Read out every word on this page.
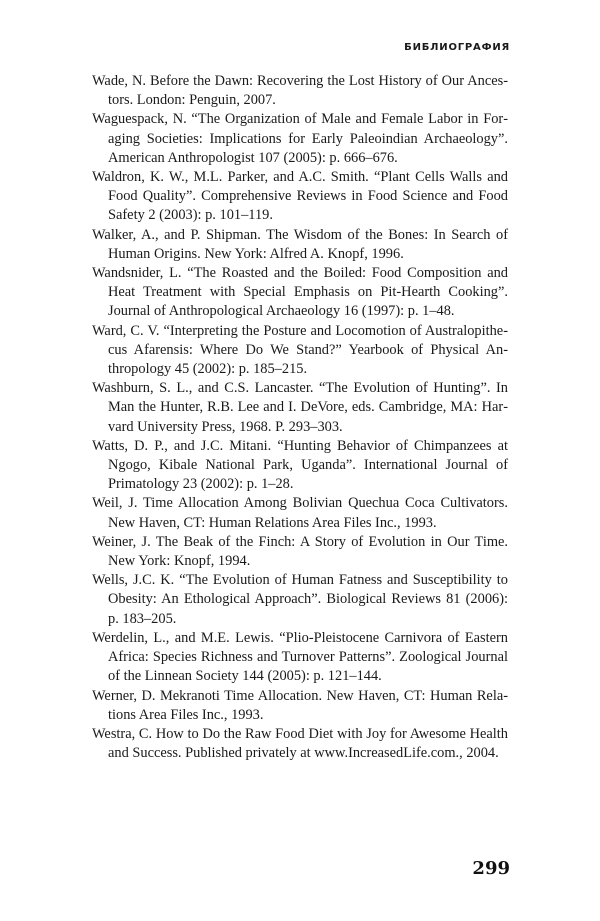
БИБЛИОГРАФИЯ
Wade, N. Before the Dawn: Recovering the Lost History of Our Ancestors. London: Penguin, 2007.
Waguespack, N. “The Organization of Male and Female Labor in Foraging Societies: Implications for Early Paleoindian Archaeology”. American Anthropologist 107 (2005): p. 666–676.
Waldron, K. W., M.L. Parker, and A.C. Smith. “Plant Cells Walls and Food Quality”. Comprehensive Reviews in Food Science and Food Safety 2 (2003): p. 101–119.
Walker, A., and P. Shipman. The Wisdom of the Bones: In Search of Human Origins. New York: Alfred A. Knopf, 1996.
Wandsnider, L. “The Roasted and the Boiled: Food Composition and Heat Treatment with Special Emphasis on Pit-Hearth Cooking”. Journal of Anthropological Archaeology 16 (1997): p. 1–48.
Ward, C. V. “Interpreting the Posture and Locomotion of Australopithecus Afarensis: Where Do We Stand?” Yearbook of Physical Anthropology 45 (2002): p. 185–215.
Washburn, S. L., and C.S. Lancaster. “The Evolution of Hunting”. In Man the Hunter, R.B. Lee and I. DeVore, eds. Cambridge, MA: Harvard University Press, 1968. P. 293–303.
Watts, D. P., and J.C. Mitani. “Hunting Behavior of Chimpanzees at Ngogo, Kibale National Park, Uganda”. International Journal of Primatology 23 (2002): p. 1–28.
Weil, J. Time Allocation Among Bolivian Quechua Coca Cultivators. New Haven, CT: Human Relations Area Files Inc., 1993.
Weiner, J. The Beak of the Finch: A Story of Evolution in Our Time. New York: Knopf, 1994.
Wells, J.C. K. “The Evolution of Human Fatness and Susceptibility to Obesity: An Ethological Approach”. Biological Reviews 81 (2006): p. 183–205.
Werdelin, L., and M.E. Lewis. “Plio-Pleistocene Carnivora of Eastern Africa: Species Richness and Turnover Patterns”. Zoological Journal of the Linnean Society 144 (2005): p. 121–144.
Werner, D. Mekranoti Time Allocation. New Haven, CT: Human Relations Area Files Inc., 1993.
Westra, C. How to Do the Raw Food Diet with Joy for Awesome Health and Success. Published privately at www.IncreasedLife.com., 2004.
299
